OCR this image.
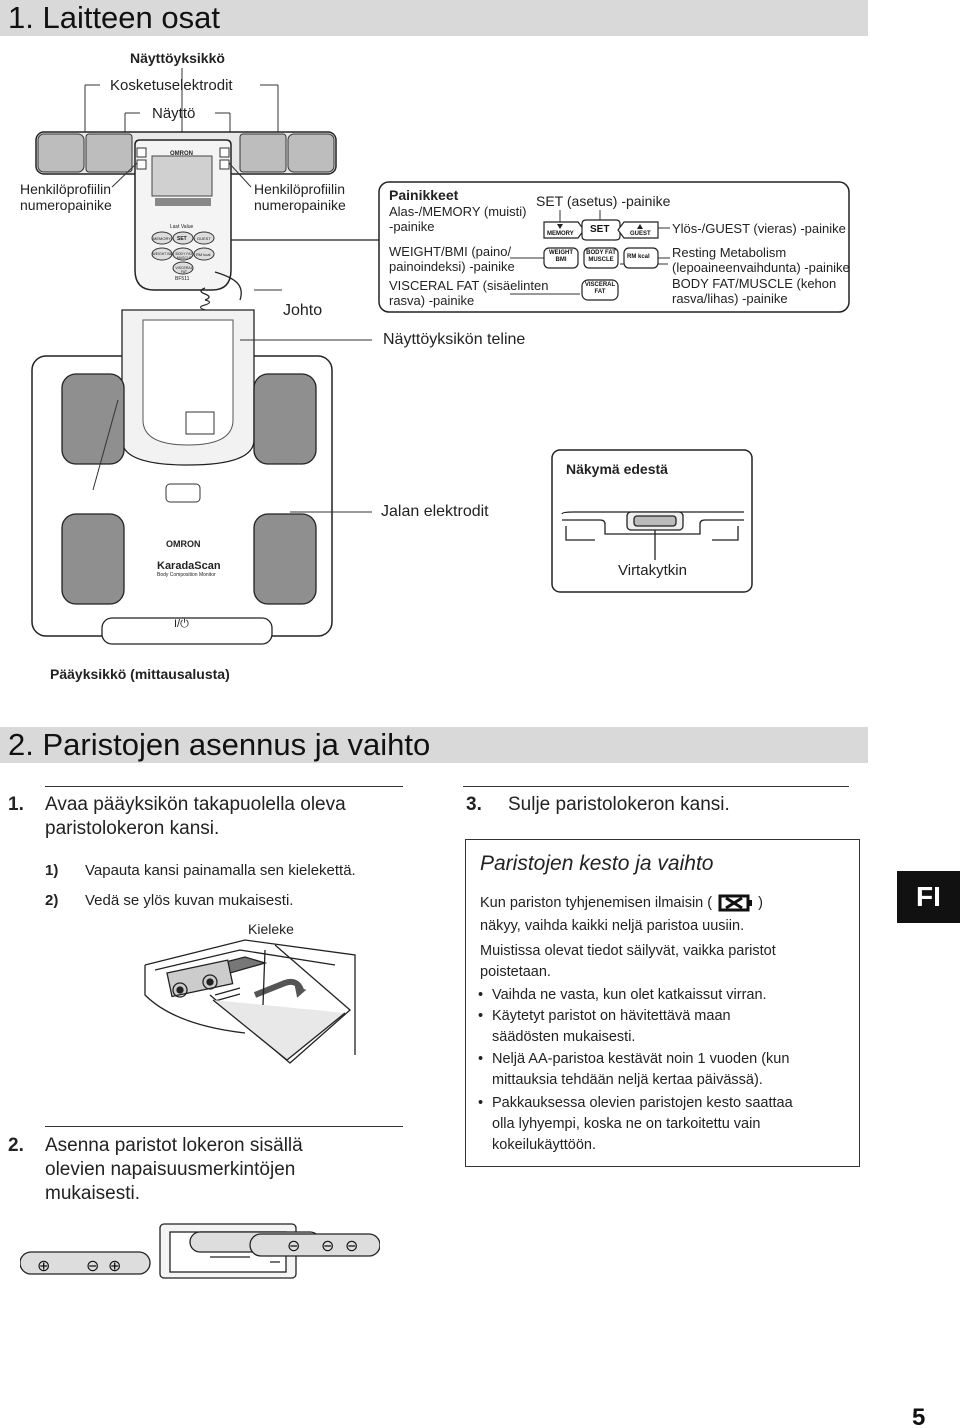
1. Laitteen osat
Näyttöyksikkö
Kosketuselektrodit
Näyttö
OMRON
Last Value
BF511
MEMORY SET	GUEST
WEIGHT BMI BODY FAT MUSCLE
RM kcal
VISCERAL FAT
OMRON
KaradaScan
Body Composition Monitor
I/⏻
Henkilöprofiilin
numeropainike
Henkilöprofiilin
numeropainike
Johto
Näyttöyksikön teline
Jalan elektrodit
Pääyksikkö (mittausalusta)
Painikkeet	SET (asetus) -painike
Alas-/MEMORY (muisti)
-painike
WEIGHT/BMI (paino/
painoindeksi) -painike
VISCERAL FAT (sisäelinten
rasva) -painike
Ylös-/GUEST (vieras) -painike
Resting Metabolism
(lepoaineenvaihdunta) -painike
BODY FAT/MUSCLE (kehon
rasva/lihas) -painike
MEMORY SET	GUEST
WEIGHT
BMI
BODY FAT
MUSCLE	RM kcal
VISCERAL
FAT
Näkymä edestä
Virtakytkin
2. Paristojen asennus ja vaihto
1. Avaa pääyksikön takapuolella oleva
paristolokeron kansi.
1) Vapauta kansi painamalla sen kielekettä.
2) Vedä se ylös kuvan mukaisesti.
Kieleke
2. Asenna paristot lokeron sisällä
olevien napaisuusmerkintöjen
mukaisesti.
⊕ ⊖ ⊕
⊖ ⊖ ⊖
3. Sulje paristolokeron kansi.
Paristojen kesto ja vaihto
Kun pariston tyhjenemisen ilmaisin (	)
näkyy, vaihda kaikki neljä paristoa uusiin.
Muistissa olevat tiedot säilyvät, vaikka paristot
poistetaan.
• Vaihda ne vasta, kun olet katkaissut virran.
• Käytetyt paristot on hävitettävä maan
säädösten mukaisesti.
• Neljä AA-paristoa kestävät noin 1 vuoden (kun
mittauksia tehdään neljä kertaa päivässä).
• Pakkauksessa olevien paristojen kesto saattaa
olla lyhyempi, koska ne on tarkoitettu vain
kokeilukäyttöön.
FI
5
